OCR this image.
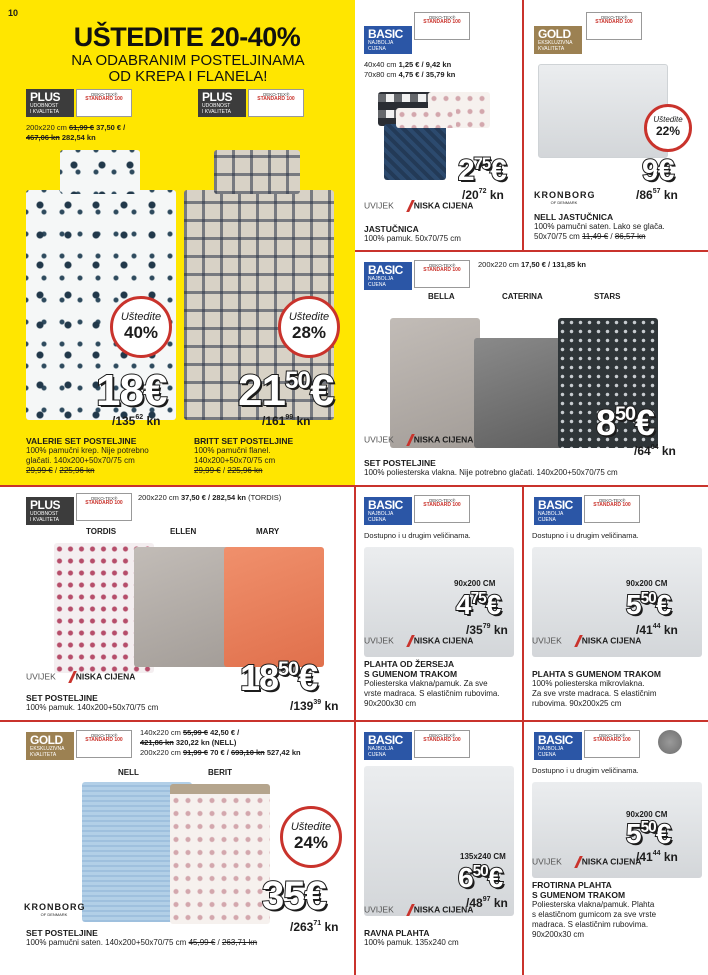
10
UŠTEDITE 20-40%
NA ODABRANIM POSTELJINAMA
OD KREPA I FLANELA!
PLUS
UDOBNOST
I KVALITETA
OEKO-TEX®
STANDARD 100	PLUS
UDOBNOST
I KVALITETA
OEKO-TEX®
STANDARD 100
200x220 cm 61,99 € 37,50 € /
467,06 kn 282,54 kn
Uštedite
40%
Uštedite
28%
18€
$/135^{62}$ kn
$21^{50}€$
$/161^{99}$ kn
VALERIE SET POSTELJINE
100% pamučni krep. Nije potrebno
glačati. 140x200+50x70/75 cm
29,99 € / 225,96 kn
BRITT SET POSTELJINE
100% pamučni flanel.
140x200+50x70/75 cm
29,99 € / 225,96 kn
BASIC
NAJBOLJA
CIJENA
OEKO-TEX®
STANDARD 100
40x40 cm 1,25 € / 9,42 kn
70x80 cm 4,75 € / 35,79 kn
$2^{75}€$
$/20^{72}$ kn
UVIJEK NISKA CIJENA
JASTUČNICA
100% pamuk. 50x70/75 cm
GOLD
EKSKLUZIVNA
KVALITETA
OEKO-TEX®
STANDARD 100
Uštedite
22%
9€
$/86^{57}$ kn
KRONBORG
OF DENMARK
NELL JASTUČNICA
100% pamučni saten. Lako se glača.
50x70/75 cm 11,49 € / 86,57 kn
BASIC
NAJBOLJA
CIJENA
OEKO-TEX®
STANDARD 100
200x220 cm 17,50 € / 131,85 kn
BELLA	CATERINA	STARS
$8^{50}€$
$/64^{04}$ kn
UVIJEK NISKA CIJENA
SET POSTELJINE
100% poliesterska vlakna. Nije potrebno glačati. 140x200+50x70/75 cm
PLUS
UDOBNOST
I KVALITETA
OEKO-TEX®
STANDARD 100
200x220 cm 37,50 € / 282,54 kn (TORDIS)
TORDIS	ELLEN	MARY
UVIJEK NISKA CIJENA	$18^{50}€$
$/139^{39}$ kn
SET POSTELJINE
100% pamuk. 140x200+50x70/75 cm
BASIC
NAJBOLJA
CIJENA
OEKO-TEX®
STANDARD 100
Dostupno i u drugim veličinama.
90x200 CM
$4^{75}€$
$/35^{79}$ kn
UVIJEK NISKA CIJENA
PLAHTA OD ŽERSEJA
S GUMENOM TRAKOM
Poliesterska vlakna/pamuk. Za sve
vrste madraca. S elastičnim rubovima.
90x200x30 cm
BASIC
NAJBOLJA
CIJENA
OEKO-TEX®
STANDARD 100
Dostupno i u drugim veličinama.
90x200 CM
$5^{50}€$
$/41^{44}$ kn
UVIJEK NISKA CIJENA
PLAHTA S GUMENOM TRAKOM
100% poliesterska mikrovlakna.
Za sve vrste madraca. S elastičnim
rubovima. 90x200x25 cm
GOLD
EKSKLUZIVNA
KVALITETA
OEKO-TEX®
STANDARD 100
140x220 cm 55,99 € 42,50 € /
421,86 kn 320,22 kn (NELL)
200x220 cm 91,99 € 70 € / 693,10 kn 527,42 kn
NELL	BERIT
Uštedite
24%
35€
$/263^{71}$ kn
KRONBORG
OF DENMARK
SET POSTELJINE
100% pamučni saten. 140x200+50x70/75 cm 45,99 € / 263,71 kn
BASIC
NAJBOLJA
CIJENA
OEKO-TEX®
STANDARD 100
135x240 CM
$6^{50}€$
$/48^{97}$ kn
UVIJEK NISKA CIJENA
RAVNA PLAHTA
100% pamuk. 135x240 cm
BASIC
NAJBOLJA
CIJENA
OEKO-TEX®
STANDARD 100
Dostupno i u drugim veličinama.
90x200 CM
$5^{50}€$
$/41^{44}$ kn
UVIJEK NISKA CIJENA
FROTIRNA PLAHTA
S GUMENOM TRAKOM
Poliesterska vlakna/pamuk. Plahta
s elastičnom gumicom za sve vrste
madraca. S elastičnim rubovima.
90x200x30 cm
